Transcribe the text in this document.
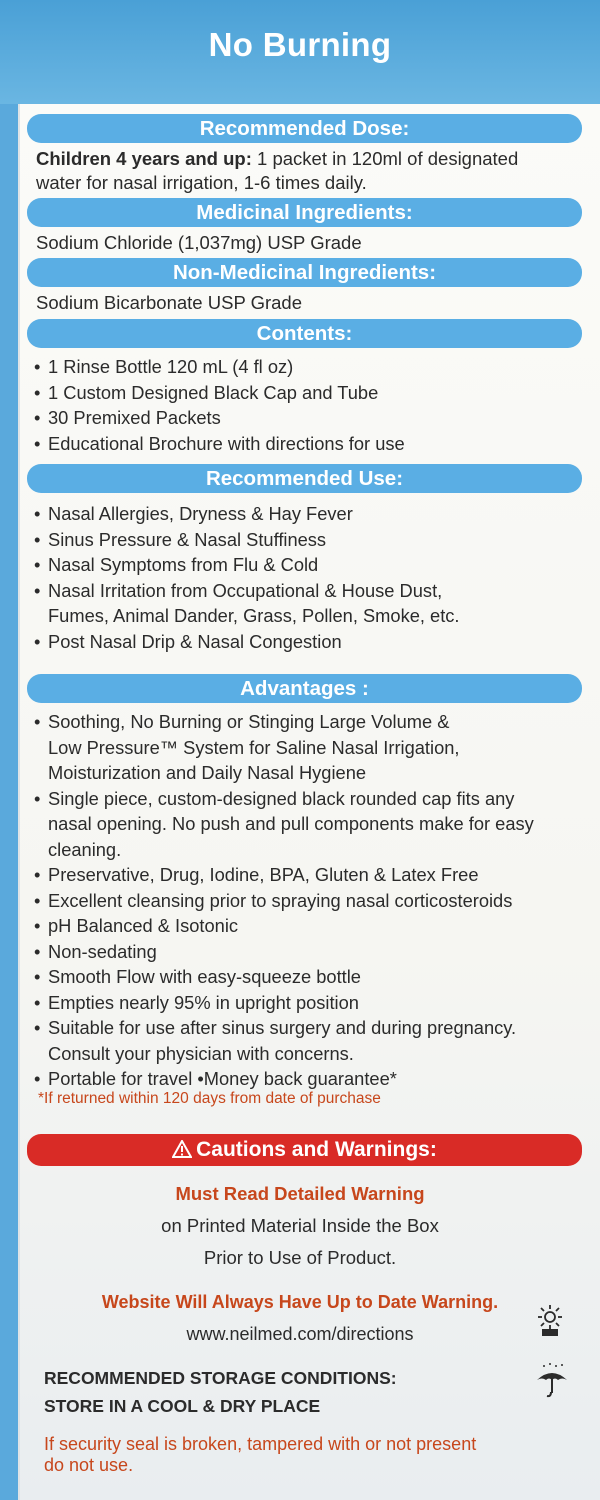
No Burning
Recommended Dose:
Children 4 years and up: 1 packet in 120ml of designated
water for nasal irrigation, 1-6 times daily.
Medicinal Ingredients:
Sodium Chloride (1,037mg) USP Grade
Non-Medicinal Ingredients:
Sodium Bicarbonate USP Grade
Contents:
• 1 Rinse Bottle 120 mL (4 fl oz)
• 1 Custom Designed Black Cap and Tube
• 30 Premixed Packets
• Educational Brochure with directions for use
Recommended Use:
• Nasal Allergies, Dryness & Hay Fever
• Sinus Pressure & Nasal Stuffiness
• Nasal Symptoms from Flu & Cold
• Nasal Irritation from Occupational & House Dust,
Fumes, Animal Dander, Grass, Pollen, Smoke, etc.
• Post Nasal Drip & Nasal Congestion
Advantages :
• Soothing, No Burning or Stinging Large Volume &
Low Pressure™ System for Saline Nasal Irrigation,
Moisturization and Daily Nasal Hygiene
• Single piece, custom-designed black rounded cap fits any
nasal opening. No push and pull components make for easy
cleaning.
• Preservative, Drug, Iodine, BPA, Gluten & Latex Free
• Excellent cleansing prior to spraying nasal corticosteroids
• pH Balanced & Isotonic
• Non-sedating
• Smooth Flow with easy-squeeze bottle
• Empties nearly 95% in upright position
• Suitable for use after sinus surgery and during pregnancy.
Consult your physician with concerns.
• Portable for travel •Money back guarantee*
*If returned within 120 days from date of purchase
Cautions and Warnings:
Must Read Detailed Warning
on Printed Material Inside the Box
Prior to Use of Product.
Website Will Always Have Up to Date Warning.
www.neilmed.com/directions
RECOMMENDED STORAGE CONDITIONS:
STORE IN A COOL & DRY PLACE
If security seal is broken, tampered with or not present
do not use.
